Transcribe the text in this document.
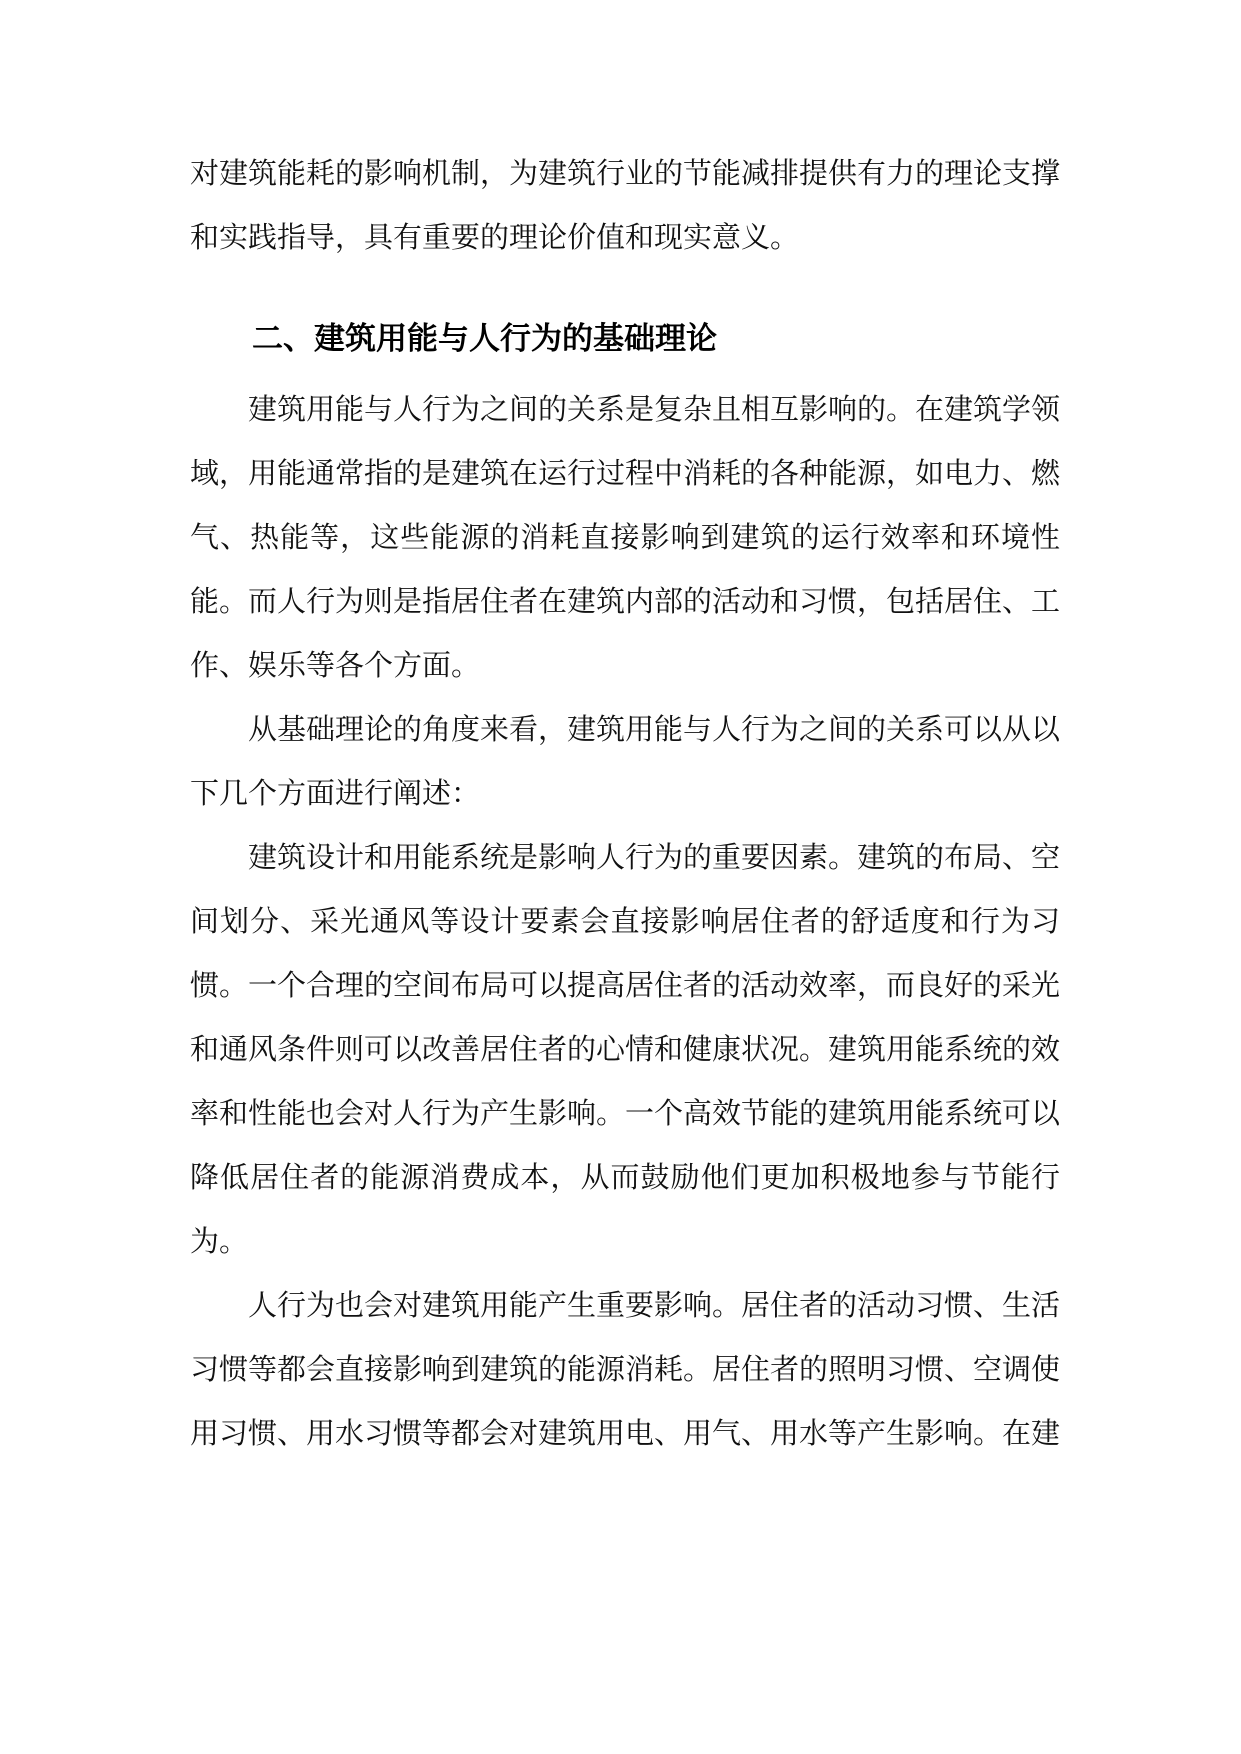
对建筑能耗的影响机制，为建筑行业的节能减排提供有力的理论支撑和实践指导，具有重要的理论价值和现实意义。

二、建筑用能与人行为的基础理论

建筑用能与人行为之间的关系是复杂且相互影响的。在建筑学领域，用能通常指的是建筑在运行过程中消耗的各种能源，如电力、燃气、热能等，这些能源的消耗直接影响到建筑的运行效率和环境性能。而人行为则是指居住者在建筑内部的活动和习惯，包括居住、工作、娱乐等各个方面。

从基础理论的角度来看，建筑用能与人行为之间的关系可以从以下几个方面进行阐述：

建筑设计和用能系统是影响人行为的重要因素。建筑的布局、空间划分、采光通风等设计要素会直接影响居住者的舒适度和行为习惯。一个合理的空间布局可以提高居住者的活动效率，而良好的采光和通风条件则可以改善居住者的心情和健康状况。建筑用能系统的效率和性能也会对人行为产生影响。一个高效节能的建筑用能系统可以降低居住者的能源消费成本，从而鼓励他们更加积极地参与节能行为。

人行为也会对建筑用能产生重要影响。居住者的活动习惯、生活习惯等都会直接影响到建筑的能源消耗。居住者的照明习惯、空调使用习惯、用水习惯等都会对建筑用电、用气、用水等产生影响。在建
